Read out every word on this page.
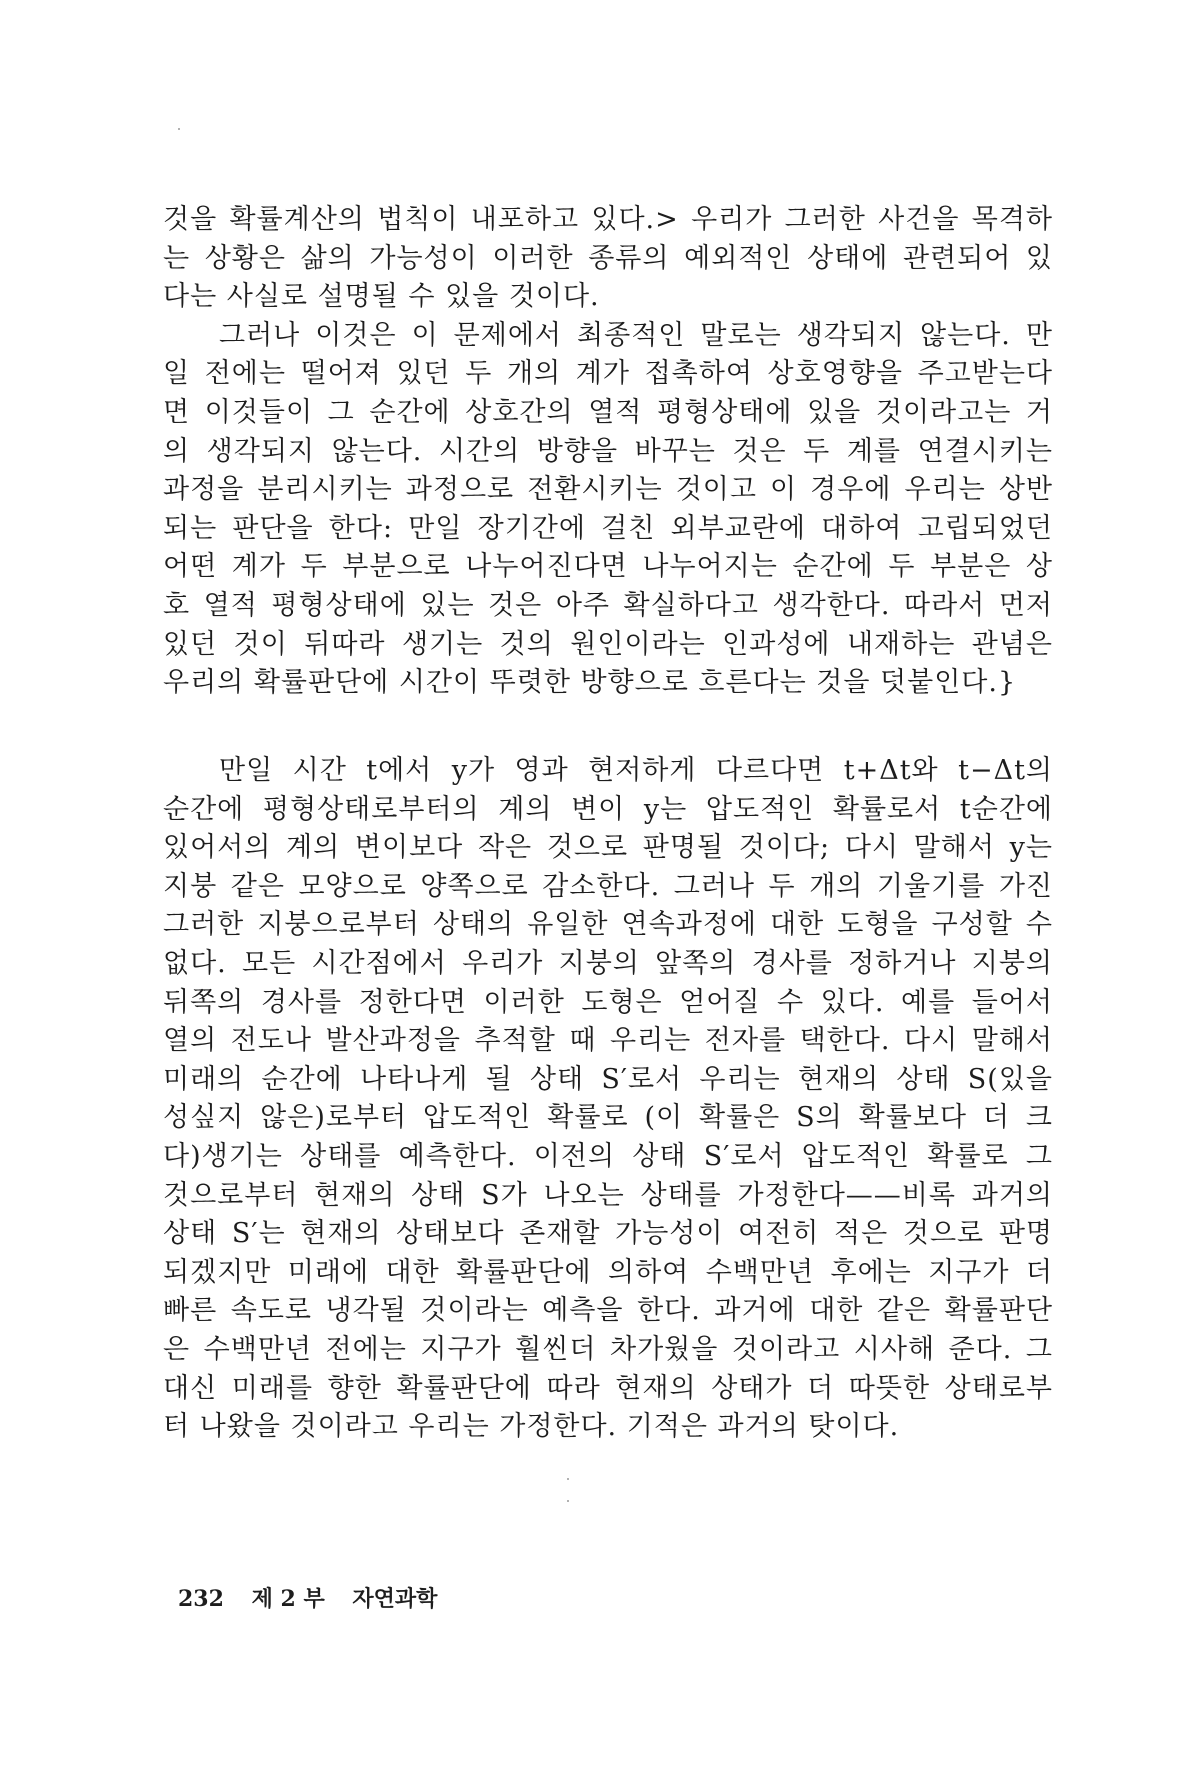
것을 확률계산의 법칙이 내포하고 있다.> 우리가 그러한 사건을 목격하
는 상황은 삶의 가능성이 이러한 종류의 예외적인 상태에 관련되어 있
다는 사실로 설명될 수 있을 것이다.
그러나 이것은 이 문제에서 최종적인 말로는 생각되지 않는다. 만
일 전에는 떨어져 있던 두 개의 계가 접촉하여 상호영향을 주고받는다
면 이것들이 그 순간에 상호간의 열적 평형상태에 있을 것이라고는 거
의 생각되지 않는다. 시간의 방향을 바꾸는 것은 두 계를 연결시키는
과정을 분리시키는 과정으로 전환시키는 것이고 이 경우에 우리는 상반
되는 판단을 한다: 만일 장기간에 걸친 외부교란에 대하여 고립되었던
어떤 계가 두 부분으로 나누어진다면 나누어지는 순간에 두 부분은 상
호 열적 평형상태에 있는 것은 아주 확실하다고 생각한다. 따라서 먼저
있던 것이 뒤따라 생기는 것의 원인이라는 인과성에 내재하는 관념은
우리의 확률판단에 시간이 뚜렷한 방향으로 흐른다는 것을 덧붙인다.}
만일 시간 t에서 y가 영과 현저하게 다르다면 t+Δt와 t−Δt의
순간에 평형상태로부터의 계의 변이 y는 압도적인 확률로서 t순간에
있어서의 계의 변이보다 작은 것으로 판명될 것이다; 다시 말해서 y는
지붕 같은 모양으로 양쪽으로 감소한다. 그러나 두 개의 기울기를 가진
그러한 지붕으로부터 상태의 유일한 연속과정에 대한 도형을 구성할 수
없다. 모든 시간점에서 우리가 지붕의 앞쪽의 경사를 정하거나 지붕의
뒤쪽의 경사를 정한다면 이러한 도형은 얻어질 수 있다. 예를 들어서
열의 전도나 발산과정을 추적할 때 우리는 전자를 택한다. 다시 말해서
미래의 순간에 나타나게 될 상태 S′로서 우리는 현재의 상태 S(있을
성싶지 않은)로부터 압도적인 확률로 (이 확률은 S의 확률보다 더 크
다)생기는 상태를 예측한다. 이전의 상태 S′로서 압도적인 확률로 그
것으로부터 현재의 상태 S가 나오는 상태를 가정한다——비록 과거의
상태 S′는 현재의 상태보다 존재할 가능성이 여전히 적은 것으로 판명
되겠지만 미래에 대한 확률판단에 의하여 수백만년 후에는 지구가 더
빠른 속도로 냉각될 것이라는 예측을 한다. 과거에 대한 같은 확률판단
은 수백만년 전에는 지구가 훨씬더 차가웠을 것이라고 시사해 준다. 그
대신 미래를 향한 확률판단에 따라 현재의 상태가 더 따뜻한 상태로부
터 나왔을 것이라고 우리는 가정한다. 기적은 과거의 탓이다.
232 제 2 부 자연과학
